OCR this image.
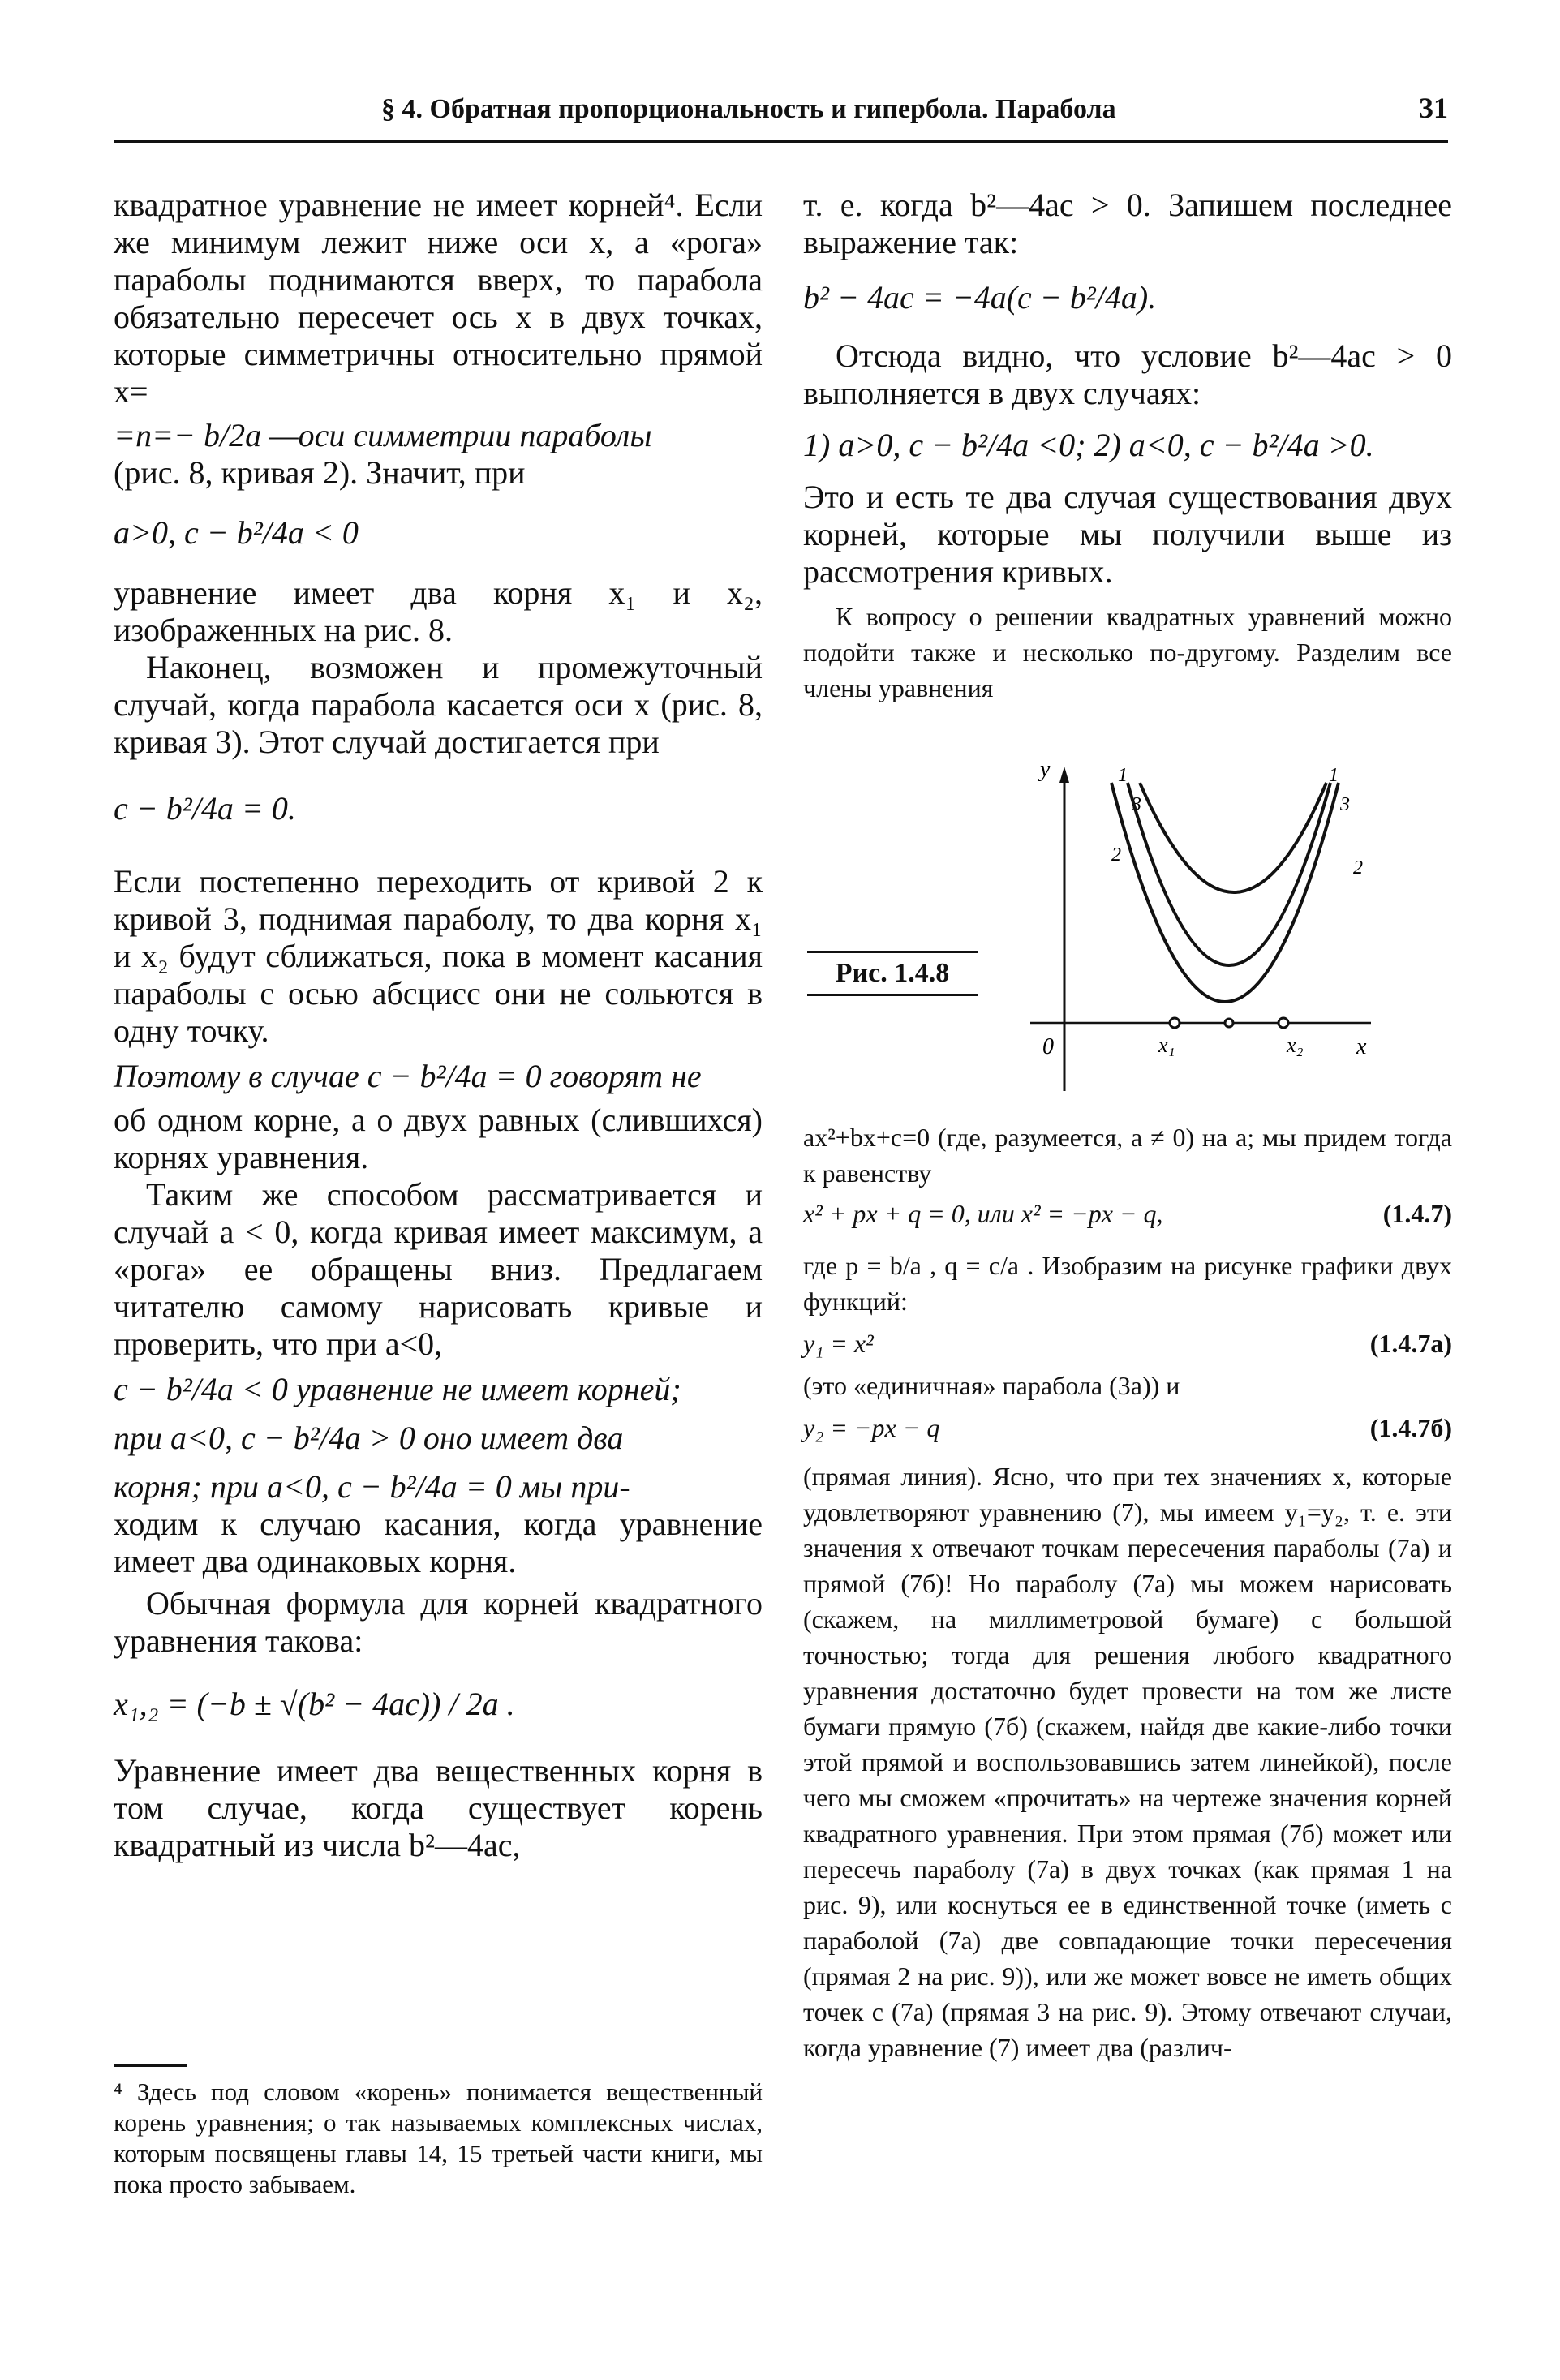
§ 4. Обратная пропорциональность и гипербола. Парабола	31

квадратное уравнение не имеет корней⁴. Если же минимум лежит ниже оси x, а «рога» параболы поднимаются вверх, то парабола обязательно пересечет ось x в двух точках, которые симметричны относительно прямой x=

=n=− b/2a —оси симметрии параболы

(рис. 8, кривая 2). Значит, при

a>0, c − b²/4a < 0

уравнение имеет два корня x₁ и x₂, изображенных на рис. 8.

Наконец, возможен и промежуточный случай, когда парабола касается оси x (рис. 8, кривая 3). Этот случай достигается при

c − b²/4a = 0.

Если постепенно переходить от кривой 2 к кривой 3, поднимая параболу, то два корня x₁ и x₂ будут сближаться, пока в момент касания параболы с осью абсцисс они не сольются в одну точку.

Поэтому в случае c − b²/4a = 0 говорят не

об одном корне, а о двух равных (слившихся) корнях уравнения.

Таким же способом рассматривается и случай a < 0, когда кривая имеет максимум, а «рога» ее обращены вниз. Предлагаем читателю самому нарисовать кривые и проверить, что при a<0,

c − b²/4a < 0 уравнение не имеет корней;

при a<0, c − b²/4a > 0 оно имеет два

корня; при a<0, c − b²/4a = 0 мы при-

ходим к случаю касания, когда уравнение имеет два одинаковых корня.

Обычная формула для корней квадратного уравнения такова:

x₁,₂ = (−b ± √(b² − 4ac)) / 2a .

Уравнение имеет два вещественных корня в том случае, когда существует корень квадратный из числа b²—4ac,

⁴ Здесь под словом «корень» понимается вещественный корень уравнения; о так называемых комплексных числах, которым посвящены главы 14, 15 третьей части книги, мы пока просто забываем.

т. е. когда b²—4ac > 0. Запишем последнее выражение так:

b² − 4ac = −4a(c − b²/4a).

Отсюда видно, что условие b²—4ac > 0 выполняется в двух случаях:

1) a>0, c − b²/4a <0; 2) a<0, c − b²/4a >0.

Это и есть те два случая существования двух корней, которые мы получили выше из рассмотрения кривых.

К вопросу о решении квадратных уравнений можно подойти также и несколько по-другому. Разделим все члены уравнения

Рис. 1.4.8
y
x
0	x₁	x₂
1	1
3	3
2
2

ax²+bx+c=0 (где, разумеется, a ≠ 0) на a; мы придем тогда к равенству

x² + px + q = 0, или x² = −px − q,	(1.4.7)

где p = b/a , q = c/a . Изобразим на рисунке графики двух функций:

y₁ = x²	(1.4.7а)

(это «единичная» парабола (3а)) и

y₂ = −px − q	(1.4.7б)

(прямая линия). Ясно, что при тех значениях x, которые удовлетворяют уравнению (7), мы имеем y₁=y₂, т. е. эти значения x отвечают точкам пересечения параболы (7а) и прямой (7б)! Но параболу (7а) мы можем нарисовать (скажем, на миллиметровой бумаге) с большой точностью; тогда для решения любого квадратного уравнения достаточно будет провести на том же листе бумаги прямую (7б) (скажем, найдя две какие-либо точки этой прямой и воспользовавшись затем линейкой), после чего мы сможем «прочитать» на чертеже значения корней квадратного уравнения. При этом прямая (7б) может или пересечь параболу (7а) в двух точках (как прямая 1 на рис. 9), или коснуться ее в единственной точке (иметь с параболой (7а) две совпадающие точки пересечения (прямая 2 на рис. 9)), или же может вовсе не иметь общих точек с (7а) (прямая 3 на рис. 9). Этому отвечают случаи, когда уравнение (7) имеет два (различ-
